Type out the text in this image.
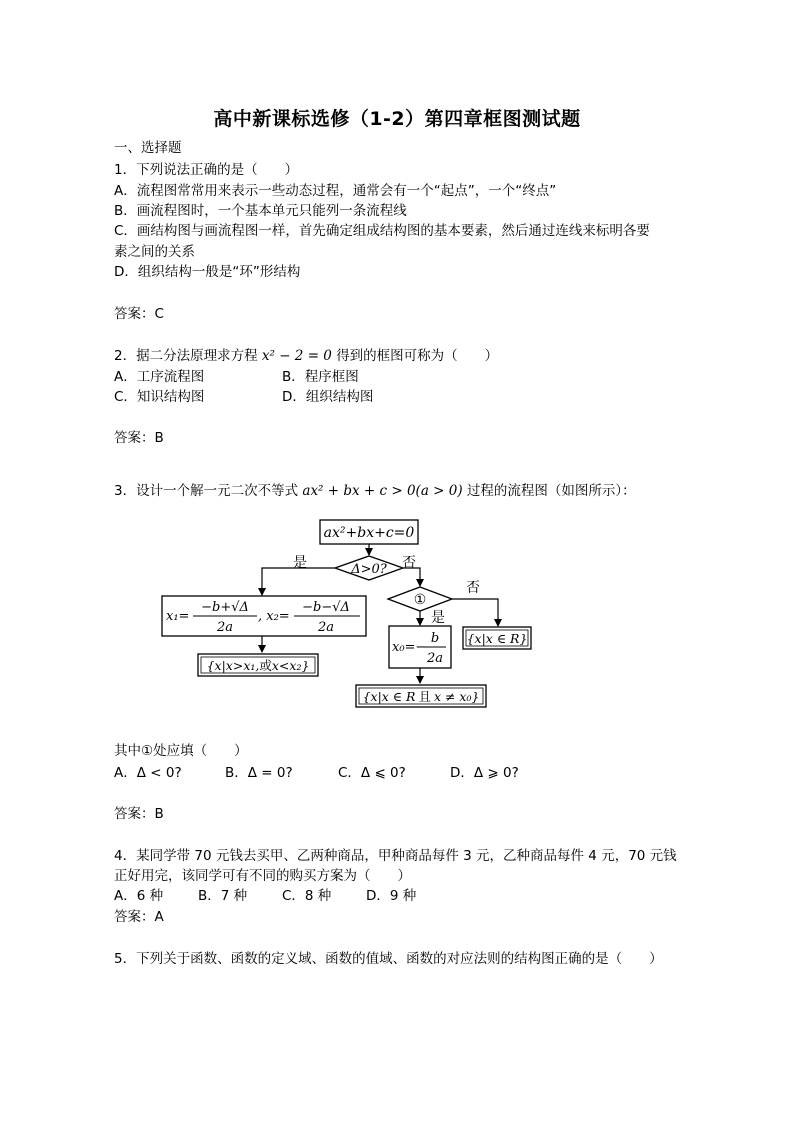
高中新课标选修（1-2）第四章框图测试题
一、选择题
1．下列说法正确的是（　　）
A．流程图常常用来表示一些动态过程，通常会有一个“起点”，一个“终点”
B．画流程图时，一个基本单元只能列一条流程线
C．画结构图与画流程图一样，首先确定组成结构图的基本要素，然后通过连线来标明各要
素之间的关系
D．组织结构一般是“环”形结构
答案：C
2．据二分法原理求方程 x² − 2 = 0 得到的框图可称为（　　）
A．工序流程图	B．程序框图
C．知识结构图	D．组织结构图
答案：B
3．设计一个解一元二次不等式 ax² + bx + c > 0(a > 0) 过程的流程图（如图所示）：
ax²+bx+c=0
Δ>0?
是	否
x₁=
−b+√Δ
2a
, x₂=
−b−√Δ
2a
{x|x>x₁,或x<x₂}
①
否
是
{x|x ∈ R}
x₀=−
b
2a
{x|x ∈ R 且 x ≠ x₀}
其中①处应填（　　）
A．Δ < 0?	B．Δ = 0?	C．Δ ⩽ 0?	D．Δ ⩾ 0?
答案：B
4．某同学带 70 元钱去买甲、乙两种商品，甲种商品每件 3 元，乙种商品每件 4 元，70 元钱
正好用完，该同学可有不同的购买方案为（　　）
A．6 种	B．7 种	C．8 种	D．9 种
答案：A
5．下列关于函数、函数的定义域、函数的值域、函数的对应法则的结构图正确的是（　　）
